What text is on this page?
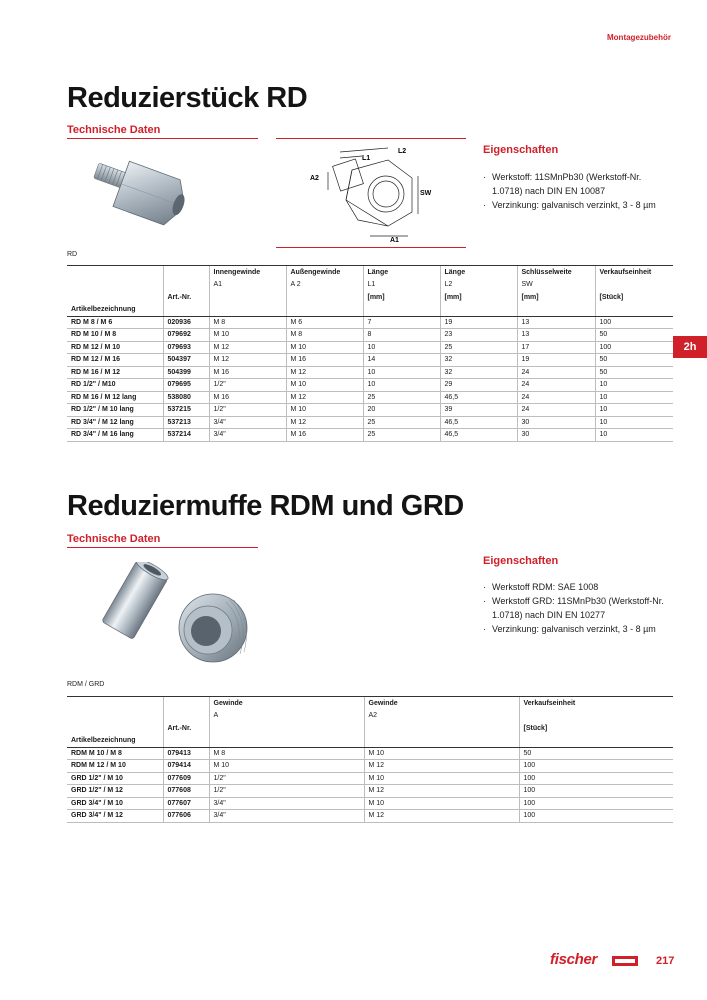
Montagezubehör
Reduzierstück RD
Technische Daten
L1
L2
A2
SW
A1
Eigenschaften
· Werkstoff: 11SMnPb30 (Werkstoff-Nr. 1.0718) nach DIN EN 10087
· Verzinkung: galvanisch verzinkt, 3 - 8 µm
RD
2h
		Innengewinde	Außengewinde	Länge	Länge	Schlüsselweite	Verkaufseinheit
		A1	A 2	L1	L2	SW	
	Art.-Nr.			[mm]	[mm]	[mm]	[Stück]
Artikelbezeichnung							
RD M 8 / M 6	020936	M 8	M 6	7	19	13	100
RD M 10 / M 8	079692	M 10	M 8	8	23	13	50
RD M 12 / M 10	079693	M 12	M 10	10	25	17	100
RD M 12 / M 16	504397	M 12	M 16	14	32	19	50
RD M 16 / M 12	504399	M 16	M 12	10	32	24	50
RD 1/2" / M10	079695	1/2"	M 10	10	29	24	10
RD M 16 / M 12 lang	538080	M 16	M 12	25	46,5	24	10
RD 1/2" / M 10 lang	537215	1/2"	M 10	20	39	24	10
RD 3/4" / M 12 lang	537213	3/4"	M 12	25	46,5	30	10
RD 3/4" / M 16 lang	537214	3/4"	M 16	25	46,5	30	10
Reduziermuffe RDM und GRD
Technische Daten
Eigenschaften
· Werkstoff RDM: SAE 1008
· Werkstoff GRD: 11SMnPb30 (Werkstoff-Nr. 1.0718) nach DIN EN 10277
· Verzinkung: galvanisch verzinkt, 3 - 8 µm
RDM / GRD
		Gewinde	Gewinde	Verkaufseinheit
		A	A2	
	Art.-Nr.			[Stück]
Artikelbezeichnung				
RDM M 10 / M 8	079413	M 8	M 10	50
RDM M 12 / M 10	079414	M 10	M 12	100
GRD 1/2" / M 10	077609	1/2"	M 10	100
GRD 1/2" / M 12	077608	1/2"	M 12	100
GRD 3/4" / M 10	077607	3/4"	M 10	100
GRD 3/4" / M 12	077606	3/4"	M 12	100
fischer	217
